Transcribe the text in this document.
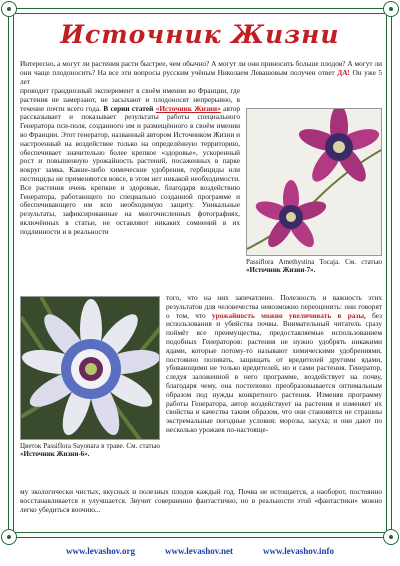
Источник Жизни

Интересно, а могут ли растения расти быстрее, чем обычно? А могут ли они приносить больше плодов? А могут ли они чаще плодоносить? На все эти вопросы русским учёным Николаем Левашовым получен ответ ДА! Он уже 5 лет

проводит грандиозный эксперимент в своём имении во Франции, где растения не замерзают, не засыхают и плодоносят непрерывно, в течение почти всего года. В серии статей «Источник Жизни» автор рассказывает и показывает результаты работы специального Генератора пси-поля, созданного им и размещённого в своём имении во Франции. Этот генератор, названный автором Источником Жизни и настроенный на воздействие только на определённую территорию, обеспечивает значительно более крепкое «здоровье», ускоренный рост и повышенную урожайность растений, посаженных в парке вокруг замка. Какие-либо химические удобрения, гербициды или пестициды не применяются вовсе, в этом нет никакой необходимости. Все растения очень крепкие и здоровые, благодаря воздействию Генератора, работающего по специально созданной программе и обеспечивающего им всю необходимую защиту. Уникальные результаты, зафиксированные на многочисленных фотографиях, включённых в статьи, не оставляют никаких сомнений в их подлинности и в реальности

Passiflora Amethystina Tocaja. См. статью «Источник Жизни-7».

Цветок Passiflora Sayonara в траве. См. статью «Источник Жизни-6».

того, что на них запечатлено. Полезность и важность этих результатов для человечества невозможно переоценить: они говорят о том, что урожайность можно увеличивать в разы, без использования и убийства почвы. Внимательный читатель сразу поймёт все преимущества, предоставляемые использованием подобных Генераторов: растения не нужно удобрять никакими ядами, которые потому-то называют химическими удобрениями, постоянно поливать, защищать от вредителей другими ядами, убивающими не только вредителей, но и сами растения. Генератор, следуя заложенной в него программе, воздействует на почву, благодаря чему, она постепенно преобразовывается оптимальным образом под нужды конкретного растения. Изменяя программу работы Генератора, автор воздействует на растения и изменяет их свойства и качества таким образом, что они становятся не страшны экстремальные погодные условия: морозы, засуха; и они дают по несколько урожаев по-настояще-

му экологически чистых, вкусных и полезных плодов каждый год. Почва не истощается, а наоборот, постоянно восстанавливается и улучшается. Звучит совершенно фантастично, но в реальности этой «фантастики» можно легко убедиться воочию...

www.levashov.org	www.levashov.net	www.levashov.info
